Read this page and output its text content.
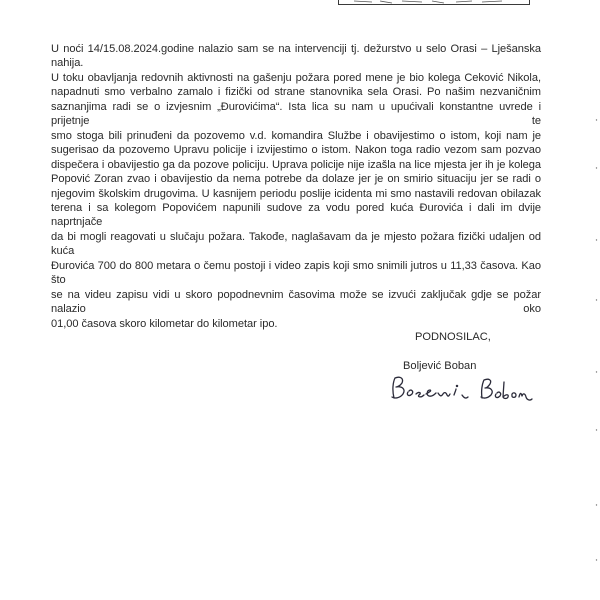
U noći 14/15.08.2024.godine nalazio sam se na intervenciji tj. dežurstvo u selo Orasi – Lješanska nahija.
U toku obavljanja redovnih aktivnosti na gašenju požara pored mene je bio kolega Ceković Nikola,
napadnuti smo verbalno zamalo i fizički od strane stanovnika sela Orasi. Po našim nezvaničnim
saznanjima radi se o izvjesnim „Đurovićima“. Ista lica su nam u upućivali konstantne uvrede i prijetnje te
smo stoga bili prinuđeni da pozovemo v.d. komandira Službe i obavijestimo o istom, koji nam je
sugerisao da pozovemo Upravu policije i izvijestimo o istom. Nakon toga radio vezom sam pozvao
dispečera i obavijestio ga da pozove policiju. Uprava policije nije izašla na lice mjesta jer ih je kolega
Popović Zoran zvao i obavijestio da nema potrebe da dolaze jer je on smirio situaciju jer se radi o
njegovim školskim drugovima. U kasnijem periodu poslije icidenta mi smo nastavili redovan obilazak
terena i sa kolegom Popovićem napunili sudove za vodu pored kuća Đurovića i dali im dvije naprtnjače
da bi mogli reagovati u slučaju požara. Takođe, naglašavam da je mjesto požara fizički udaljen od kuća
Đurovića 700 do 800 metara o čemu postoji i video zapis koji smo snimili jutros u 11,33 časova. Kao što
se na videu zapisu vidi u skoro popodnevnim časovima može se izvući zaključak gdje se požar nalazio oko
01,00 časova skoro kilometar do kilometar ipo.
PODNOSILAC,
Boljević Boban
